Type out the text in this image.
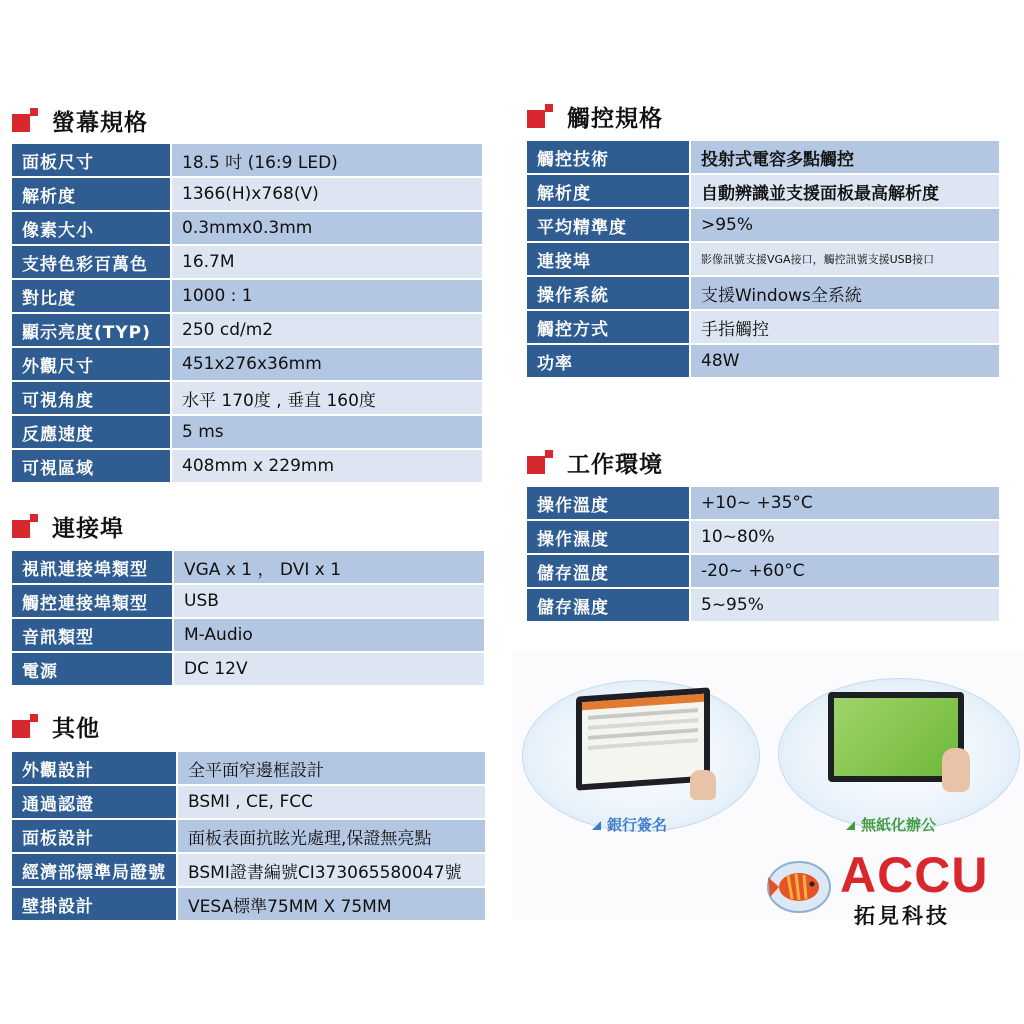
螢幕規格
面板尺寸	18.5 吋 (16:9 LED)
解析度	1366(H)x768(V)
像素大小	0.3mmx0.3mm
支持色彩百萬色	16.7M
對比度	1000 : 1
顯示亮度(TYP)	250 cd/m2
外觀尺寸	451x276x36mm
可視角度	水平 170度 , 垂直 160度
反應速度	5 ms
可視區域	408mm x 229mm
連接埠
視訊連接埠類型	VGA x 1 ， DVI x 1
觸控連接埠類型	USB
音訊類型	M-Audio
電源	DC 12V
其他
外觀設計	全平面窄邊框設計
通過認證	BSMI , CE, FCC
面板設計	面板表面抗眩光處理,保證無亮點
經濟部標準局證號	BSMI證書編號CI373065580047號
壁掛設計	VESA標準75MM X 75MM
觸控規格
觸控技術	投射式電容多點觸控
解析度	自動辨識並支援面板最高解析度
平均精準度	>95%
連接埠	影像訊號支援VGA接口，觸控訊號支援USB接口
操作系統	支援Windows全系統
觸控方式	手指觸控
功率	48W
工作環境
操作溫度	+10~ +35°C
操作濕度	10~80%
儲存溫度	-20~ +60°C
儲存濕度	5~95%
銀行簽名	無紙化辦公
ACCU
拓見科技
